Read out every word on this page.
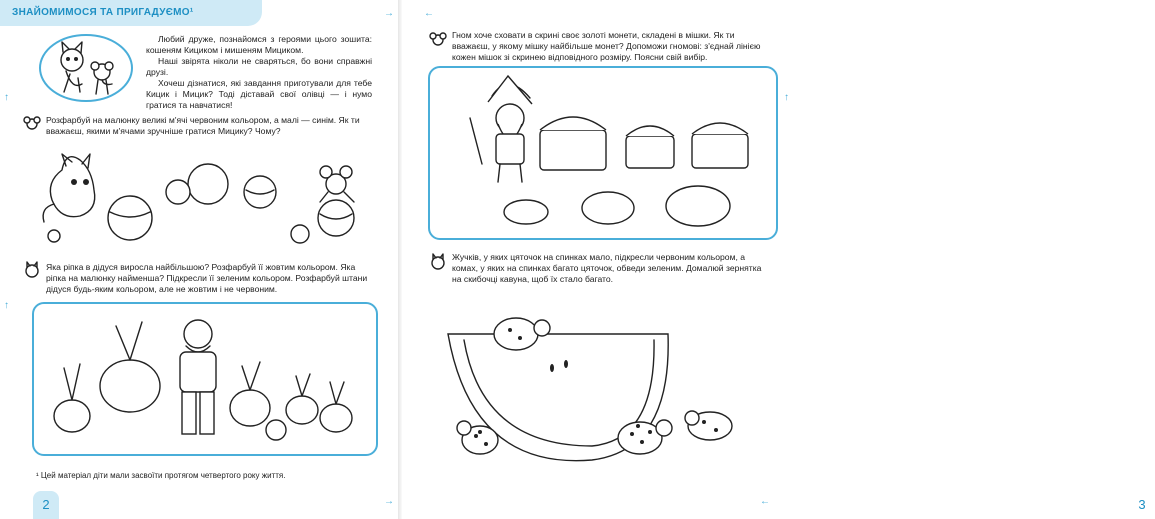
ЗНАЙОМИМОСЯ ТА ПРИГАДУЄМО¹
Любий друже, познайомся з героями цього зошита: кошеням Кициком і мишеням Мициком.
Наші звірята ніколи не сваряться, бо вони справжні друзі.
Хочеш дізнатися, які завдання приготували для тебе Кицик і Мицик? Тоді діставай свої олівці — і нумо гратися та навчатися!
Розфарбуй на малюнку великі м'ячі червоним кольором, а малі — синім. Як ти вважаєш, якими м'ячами зручніше гратися Мицику? Чому?
Яка ріпка в дідуся виросла найбільшою? Розфарбуй її жовтим кольором. Яка ріпка на малюнку найменша? Підкресли її зеленим кольором. Розфарбуй штани дідуся будь-яким кольором, але не жовтим і не червоним.
¹ Цей матеріал діти мали засвоїти протягом четвертого року життя.
2
↑
↑
→
→
←
↑
Гном хоче сховати в скрині своє золоті монети, складені в мішки. Як ти вважаєш, у якому мішку найбільше монет? Допоможи гномові: з'єднай лінією кожен мішок зі скринею відповідного розміру. Поясни свій вибір.
Жучків, у яких цяточок на спинках мало, підкресли червоним кольором, а комах, у яких на спинках багато цяточок, обведи зеленим. Домалюй зернятка на скибочці кавуна, щоб їх стало багато.
3
←
